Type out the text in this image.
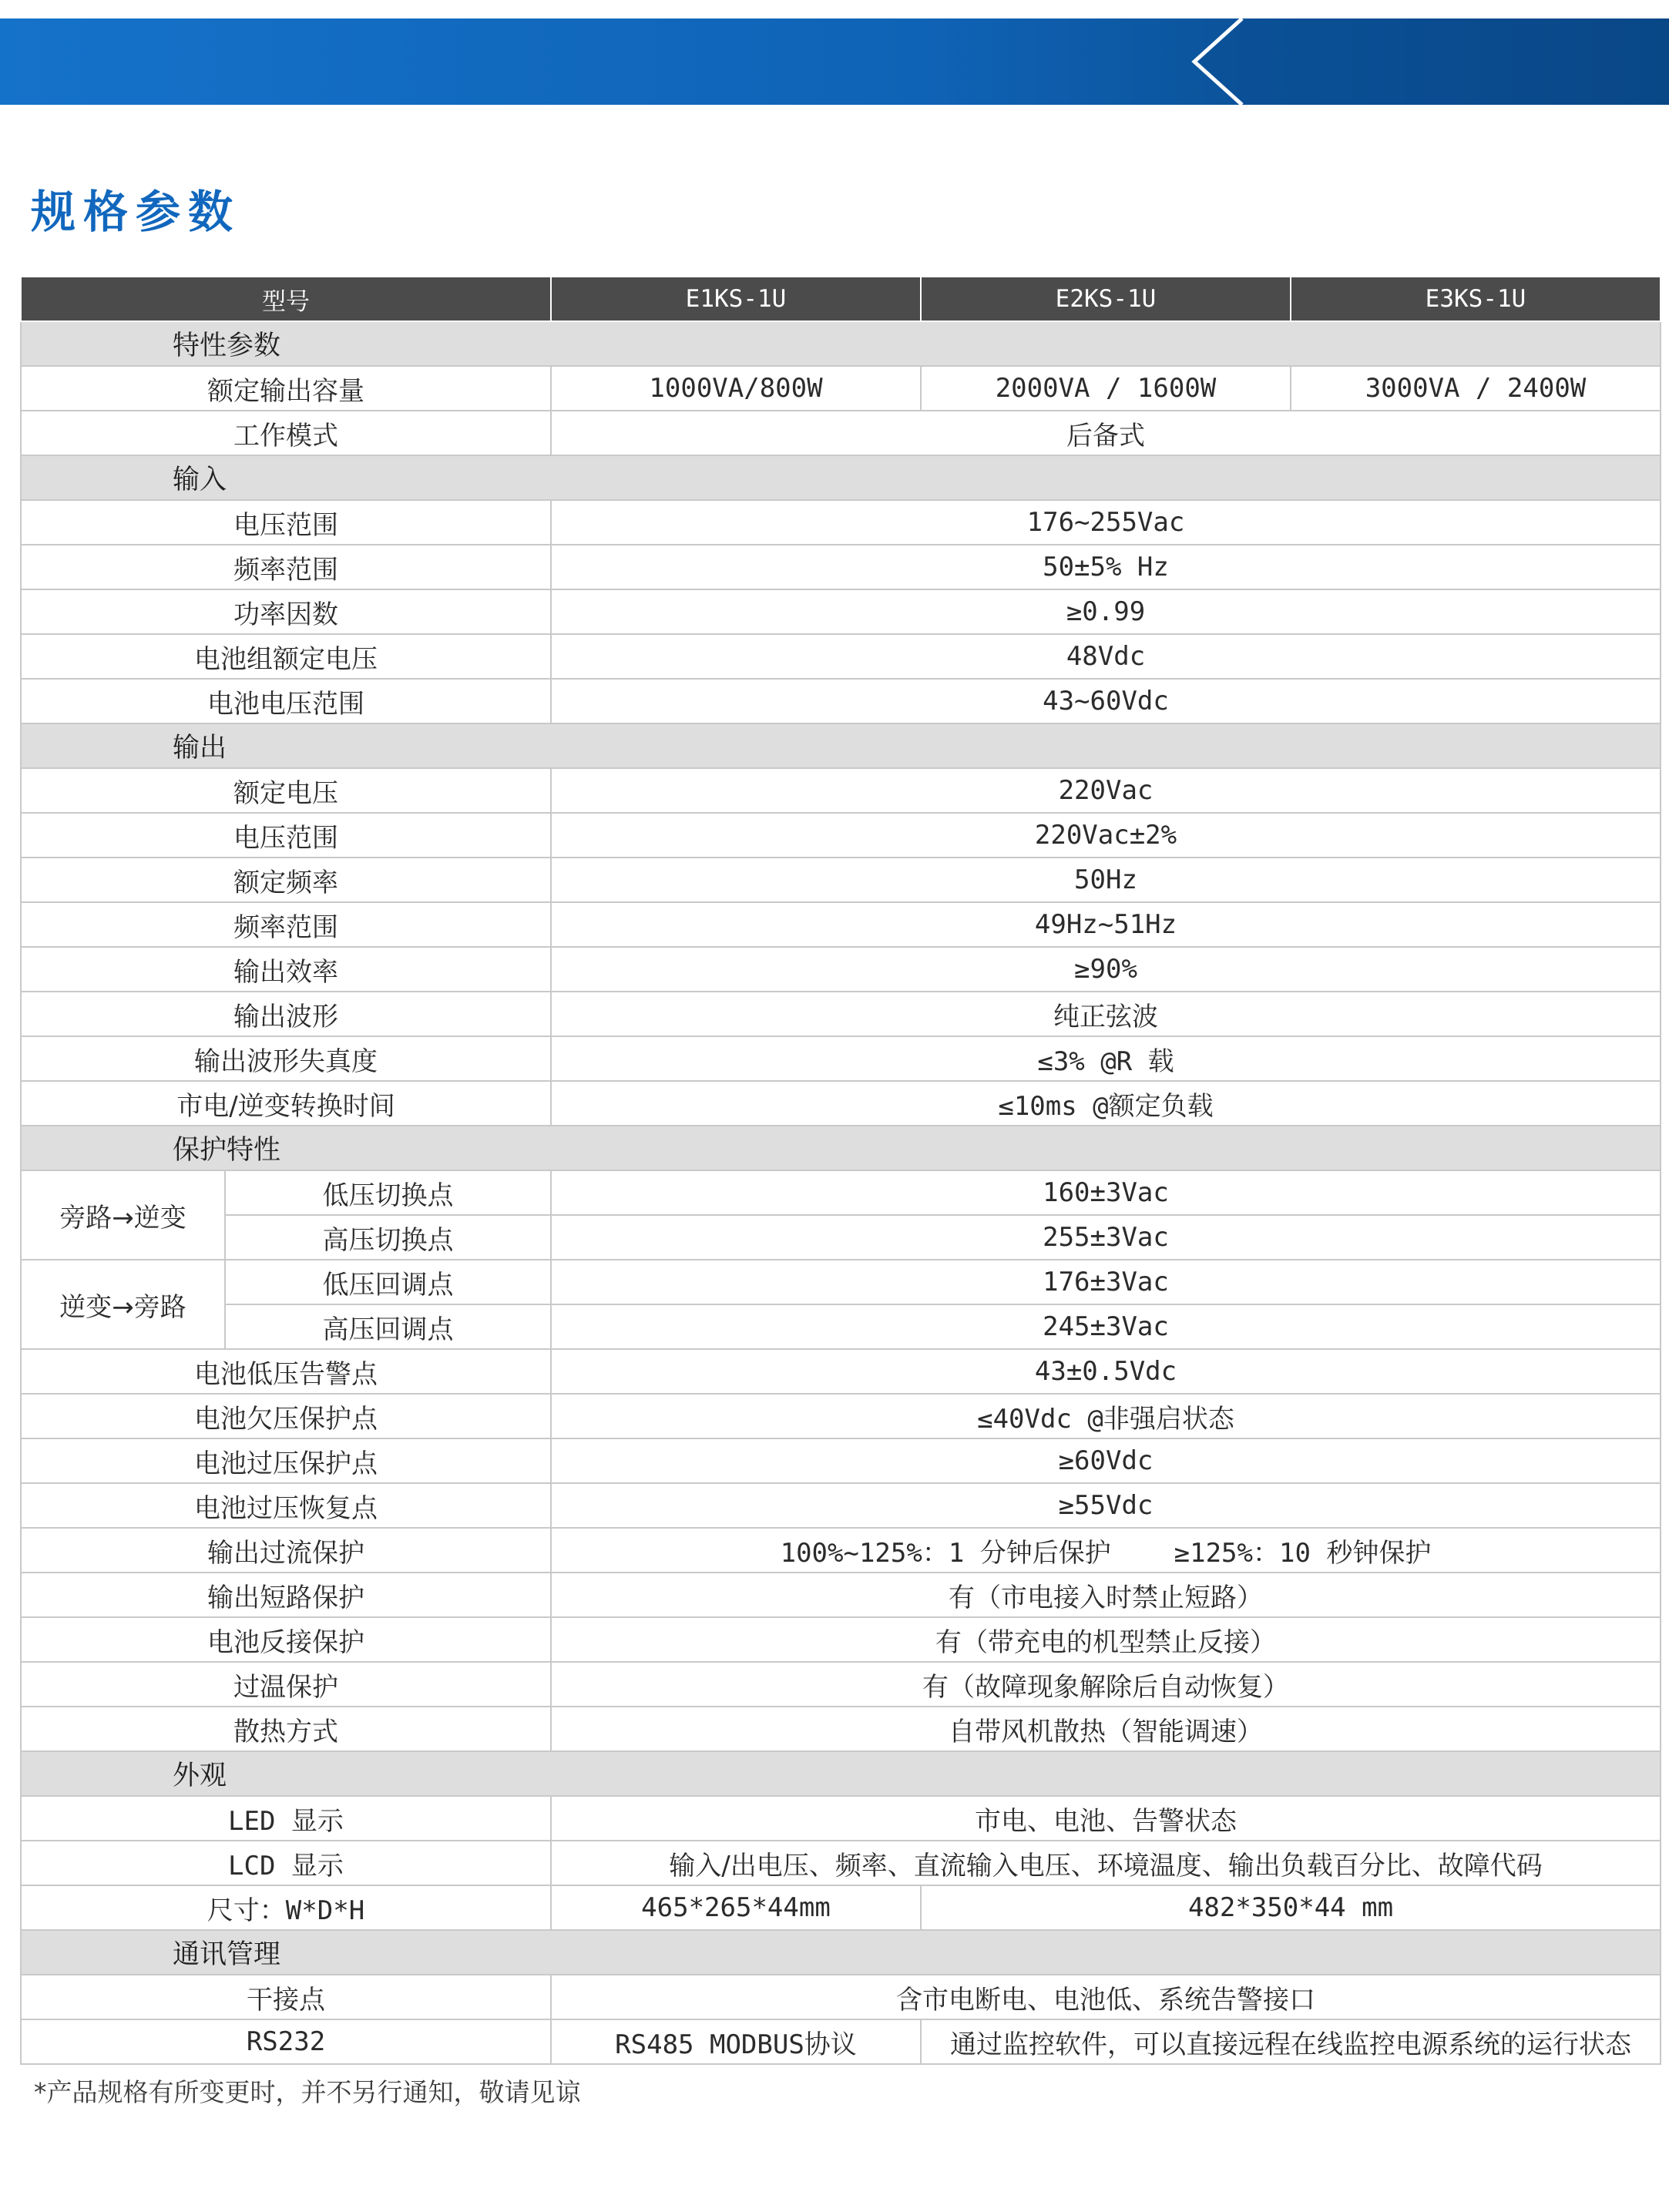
规格参数
型号		E1KS-1U	E2KS-1U	E3KS-1U
特性参数				
额定输出容量		1000VA/800W	2000VA / 1600W	3000VA / 2400W
工作模式		后备式		
输入				
电压范围		176~255Vac		
频率范围		50±5% Hz		
功率因数		≥0.99		
电池组额定电压		48Vdc		
电池电压范围		43~60Vdc		
输出				
额定电压		220Vac		
电压范围		220Vac±2%		
额定频率		50Hz		
频率范围		49Hz~51Hz		
输出效率		≥90%		
输出波形		纯正弦波		
输出波形失真度		≤3% @R 载		
市电/逆变转换时间		≤10ms @额定负载		
保护特性				
旁路→逆变	低压切换点	160±3Vac		
	高压切换点	255±3Vac		
逆变→旁路	低压回调点	176±3Vac		
	高压回调点	245±3Vac		
电池低压告警点		43±0.5Vdc		
电池欠压保护点		≤40Vdc @非强启状态		
电池过压保护点		≥60Vdc		
电池过压恢复点		≥55Vdc		
输出过流保护		100%~125%：1 分钟后保护    ≥125%：10 秒钟保护		
输出短路保护		有（市电接入时禁止短路）		
电池反接保护		有（带充电的机型禁止反接）		
过温保护		有（故障现象解除后自动恢复）		
散热方式		自带风机散热（智能调速）		
外观				
LED 显示		市电、电池、告警状态		
LCD 显示		输入/出电压、频率、直流输入电压、环境温度、输出负载百分比、故障代码		
尺寸：W*D*H		465*265*44mm	482*350*44 mm	
通讯管理				
干接点		含市电断电、电池低、系统告警接口		
RS232		RS485 MODBUS协议	通过监控软件，可以直接远程在线监控电源系统的运行状态	
*产品规格有所变更时，并不另行通知，敬请见谅
